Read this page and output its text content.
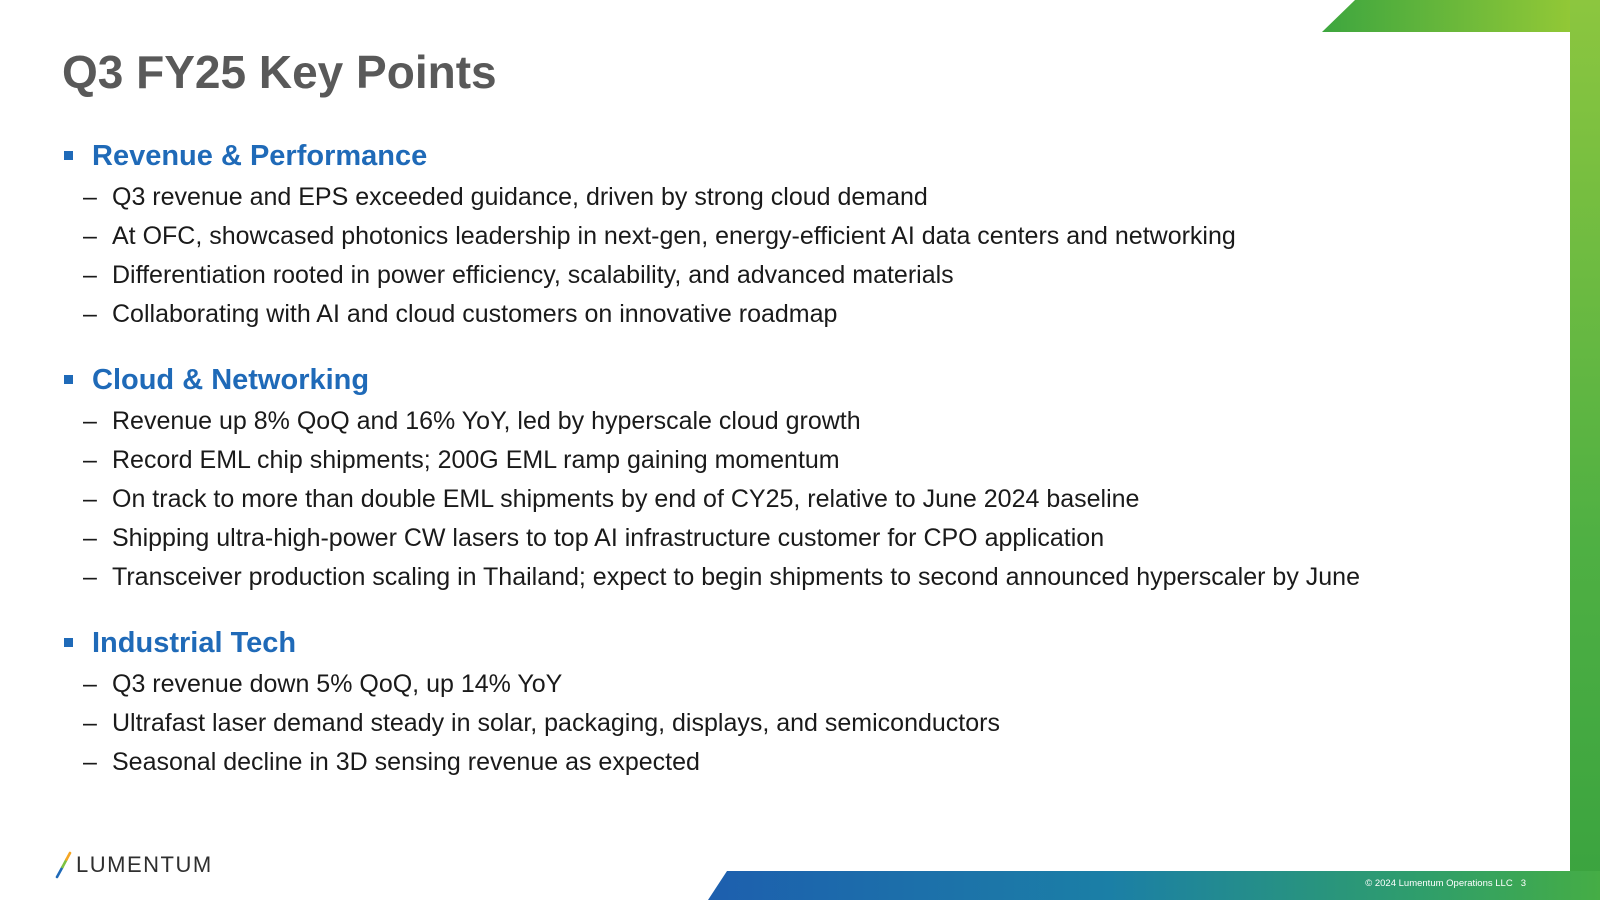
Q3 FY25 Key Points
Revenue & Performance
– Q3 revenue and EPS exceeded guidance, driven by strong cloud demand
– At OFC, showcased photonics leadership in next-gen, energy-efficient AI data centers and networking
– Differentiation rooted in power efficiency, scalability, and advanced materials
– Collaborating with AI and cloud customers on innovative roadmap
Cloud & Networking
– Revenue up 8% QoQ and 16% YoY, led by hyperscale cloud growth
– Record EML chip shipments; 200G EML ramp gaining momentum
– On track to more than double EML shipments by end of CY25, relative to June 2024 baseline
– Shipping ultra-high-power CW lasers to top AI infrastructure customer for CPO application
– Transceiver production scaling in Thailand; expect to begin shipments to second announced hyperscaler by June
Industrial Tech
– Q3 revenue down 5% QoQ, up 14% YoY
– Ultrafast laser demand steady in solar, packaging, displays, and semiconductors
– Seasonal decline in 3D sensing revenue as expected
LUMENTUM
© 2024 Lumentum Operations LLC 3
